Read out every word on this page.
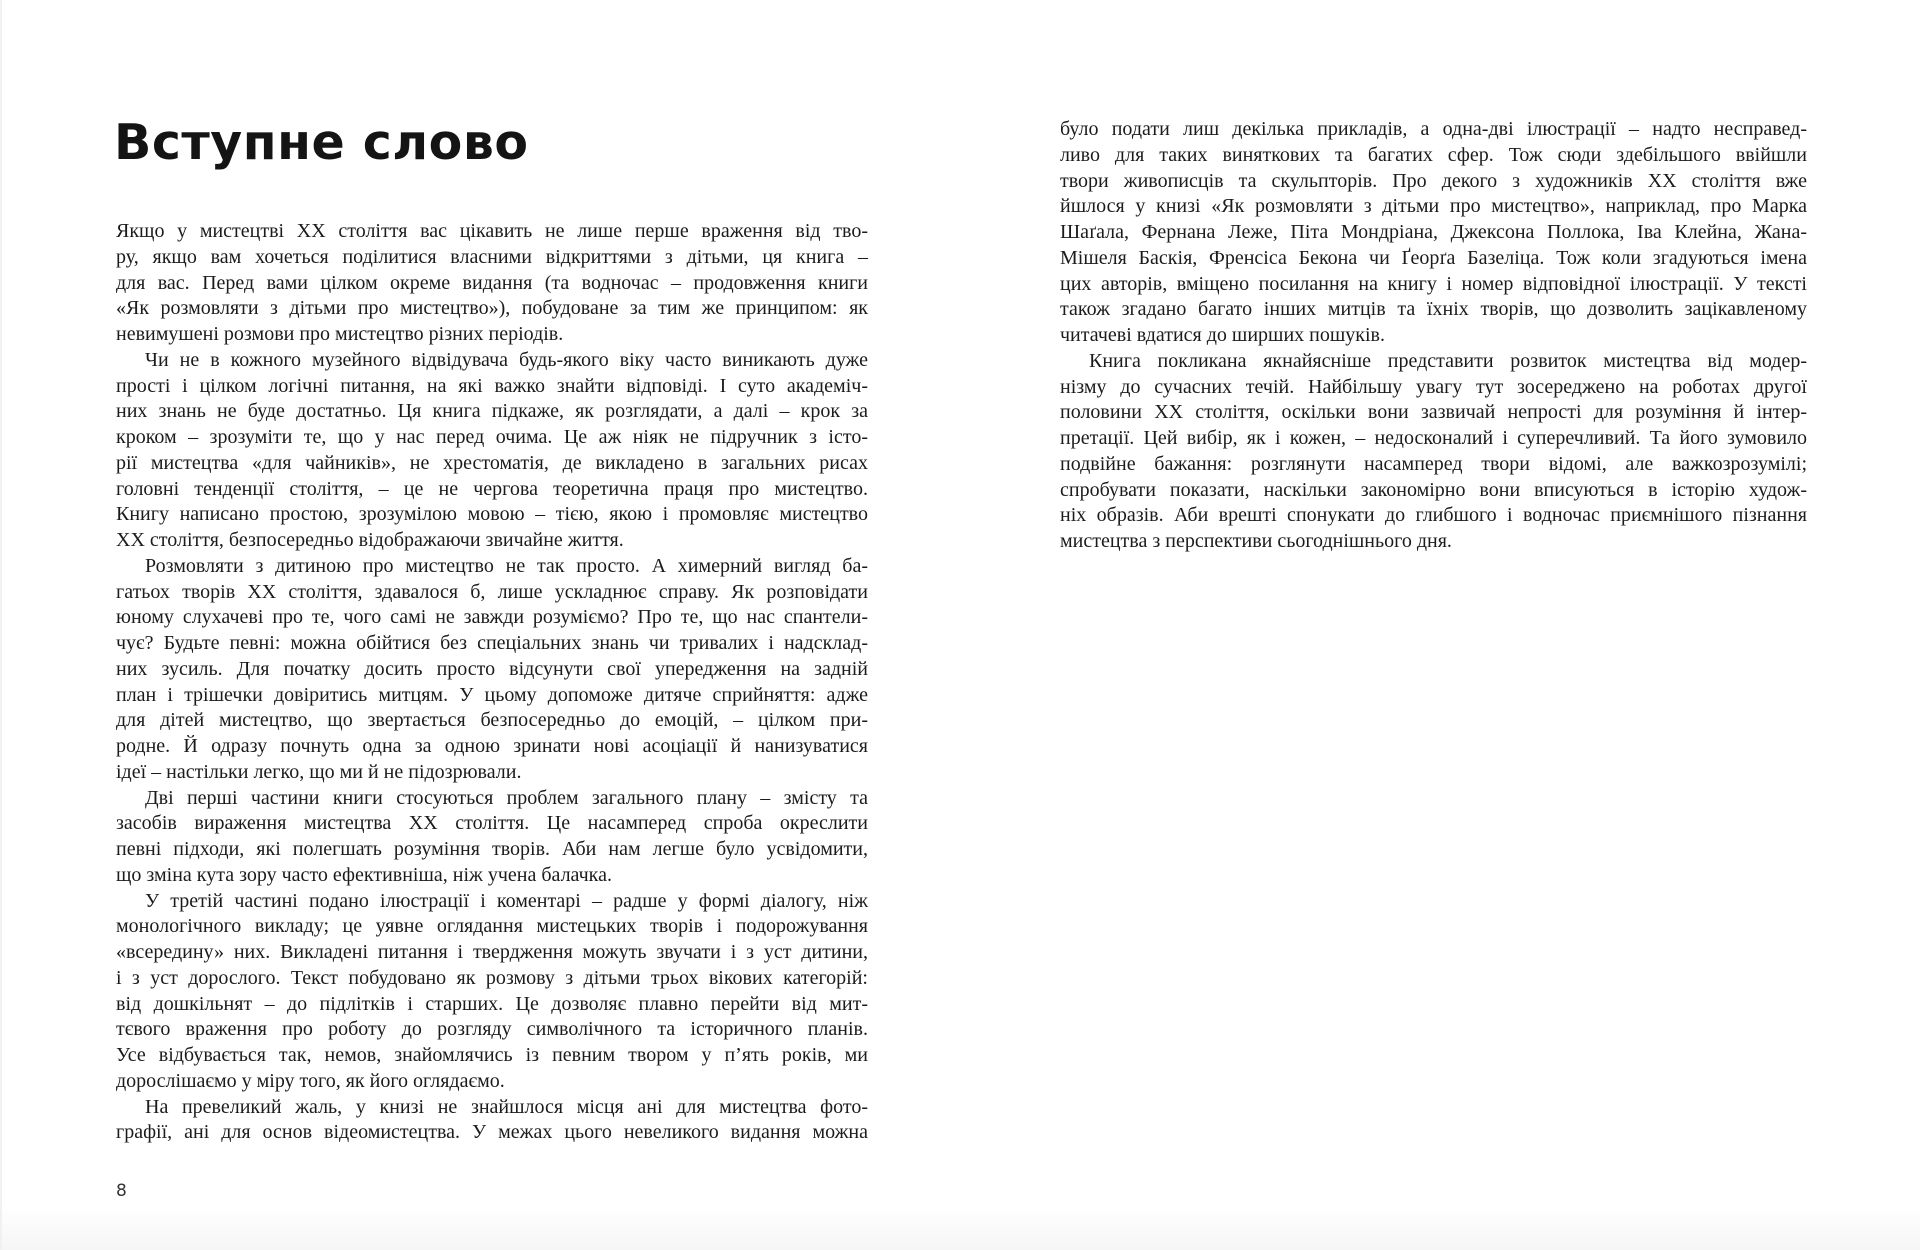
Вступне слово

Якщо у мистецтві XX століття вас цікавить не лише перше враження від тво-
ру, якщо вам хочеться поділитися власними відкриттями з дітьми, ця книга –
для вас. Перед вами цілком окреме видання (та водночас – продовження книги
«Як розмовляти з дітьми про мистецтво»), побудоване за тим же принципом: як
невимушені розмови про мистецтво різних періодів.

Чи не в кожного музейного відвідувача будь-якого віку часто виникають дуже
прості і цілком логічні питання, на які важко знайти відповіді. І суто академіч-
них знань не буде достатньо. Ця книга підкаже, як розглядати, а далі – крок за
кроком – зрозуміти те, що у нас перед очима. Це аж ніяк не підручник з істо-
рії мистецтва «для чайників», не хрестоматія, де викладено в загальних рисах
головні тенденції століття, – це не чергова теоретична праця про мистецтво.
Книгу написано простою, зрозумілою мовою – тією, якою і промовляє мистецтво
XX століття, безпосередньо відображаючи звичайне життя.

Розмовляти з дитиною про мистецтво не так просто. А химерний вигляд ба-
гатьох творів XX століття, здавалося б, лише ускладнює справу. Як розповідати
юному слухачеві про те, чого самі не завжди розуміємо? Про те, що нас спантели-
чує? Будьте певні: можна обійтися без спеціальних знань чи тривалих і надсклад-
них зусиль. Для початку досить просто відсунути свої упередження на задній
план і трішечки довіритись митцям. У цьому допоможе дитяче сприйняття: адже
для дітей мистецтво, що звертається безпосередньо до емоцій, – цілком при-
родне. Й одразу почнуть одна за одною зринати нові асоціації й нанизуватися
ідеї – настільки легко, що ми й не підозрювали.

Дві перші частини книги стосуються проблем загального плану – змісту та
засобів вираження мистецтва XX століття. Це насамперед спроба окреслити
певні підходи, які полегшать розуміння творів. Аби нам легше було усвідомити,
що зміна кута зору часто ефективніша, ніж учена балачка.

У третій частині подано ілюстрації і коментарі – радше у формі діалогу, ніж
монологічного викладу; це уявне оглядання мистецьких творів і подорожування
«всередину» них. Викладені питання і твердження можуть звучати і з уст дитини,
і з уст дорослого. Текст побудовано як розмову з дітьми трьох вікових категорій:
від дошкільнят – до підлітків і старших. Це дозволяє плавно перейти від мит-
тєвого враження про роботу до розгляду символічного та історичного планів.
Усе відбувається так, немов, знайомлячись із певним твором у п’ять років, ми
дорослішаємо у міру того, як його оглядаємо.

На превеликий жаль, у книзі не знайшлося місця ані для мистецтва фото-
графії, ані для основ відеомистецтва. У межах цього невеликого видання можна

було подати лиш декілька прикладів, а одна-дві ілюстрації – надто несправед-
ливо для таких виняткових та багатих сфер. Тож сюди здебільшого ввійшли
твори живописців та скульпторів. Про декого з художників XX століття вже
йшлося у книзі «Як розмовляти з дітьми про мистецтво», наприклад, про Марка
Шаґала, Фернана Леже, Піта Мондріана, Джексона Поллока, Іва Клейна, Жана-
Мішеля Баскія, Френсіса Бекона чи Ґеорґа Базеліца. Тож коли згадуються імена
цих авторів, вміщено посилання на книгу і номер відповідної ілюстрації. У тексті
також згадано багато інших митців та їхніх творів, що дозволить зацікавленому
читачеві вдатися до ширших пошуків.

Книга покликана якнайясніше представити розвиток мистецтва від модер-
нізму до сучасних течій. Найбільшу увагу тут зосереджено на роботах другої
половини XX століття, оскільки вони зазвичай непрості для розуміння й інтер-
претації. Цей вибір, як і кожен, – недосконалий і суперечливий. Та його зумовило
подвійне бажання: розглянути насамперед твори відомі, але важкозрозумілі;
спробувати показати, наскільки закономірно вони вписуються в історію худож-
ніх образів. Аби врешті спонукати до глибшого і водночас приємнішого пізнання
мистецтва з перспективи сьогоднішнього дня.

8
